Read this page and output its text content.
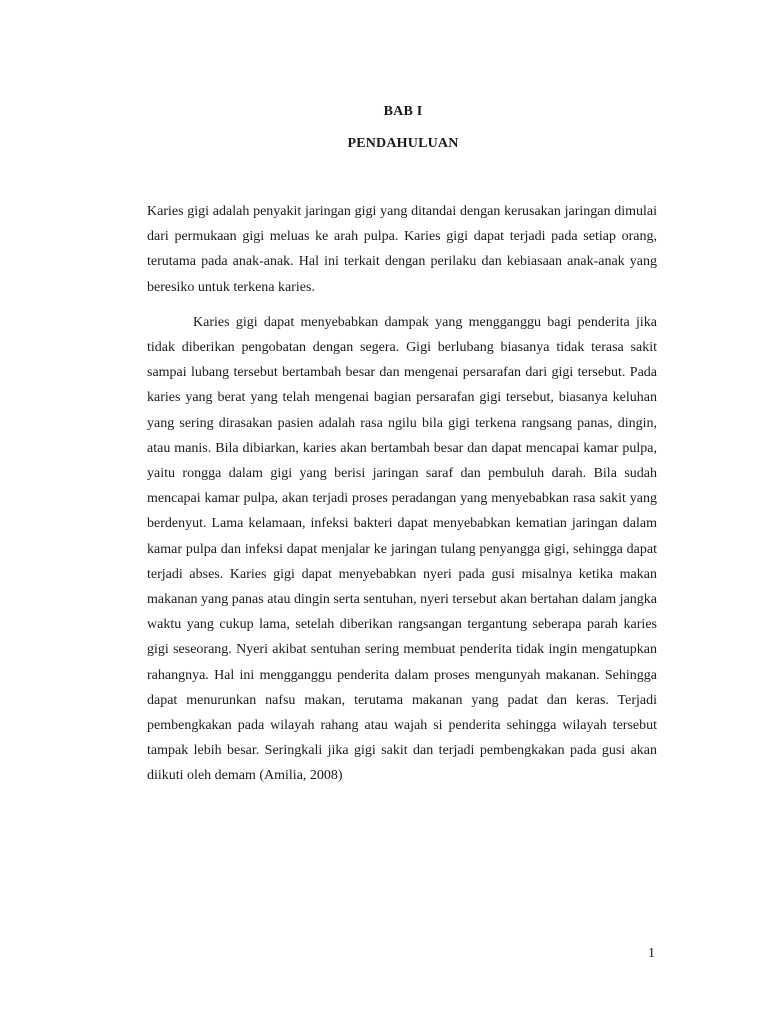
BAB I
PENDAHULUAN

Karies gigi adalah penyakit jaringan gigi yang ditandai dengan kerusakan jaringan dimulai dari permukaan gigi meluas ke arah pulpa. Karies gigi dapat terjadi pada setiap orang, terutama pada anak-anak. Hal ini terkait dengan perilaku dan kebiasaan anak-anak yang beresiko untuk terkena karies.

Karies gigi dapat menyebabkan dampak yang mengganggu bagi penderita jika tidak diberikan pengobatan dengan segera. Gigi berlubang biasanya tidak terasa sakit sampai lubang tersebut bertambah besar dan mengenai persarafan dari gigi tersebut. Pada karies yang berat yang telah mengenai bagian persarafan gigi tersebut, biasanya keluhan yang sering dirasakan pasien adalah rasa ngilu bila gigi terkena rangsang panas, dingin, atau manis. Bila dibiarkan, karies akan bertambah besar dan dapat mencapai kamar pulpa, yaitu rongga dalam gigi yang berisi jaringan saraf dan pembuluh darah. Bila sudah mencapai kamar pulpa, akan terjadi proses peradangan yang menyebabkan rasa sakit yang berdenyut. Lama kelamaan, infeksi bakteri dapat menyebabkan kematian jaringan dalam kamar pulpa dan infeksi dapat menjalar ke jaringan tulang penyangga gigi, sehingga dapat terjadi abses. Karies gigi dapat menyebabkan nyeri pada gusi misalnya ketika makan makanan yang panas atau dingin serta sentuhan, nyeri tersebut akan bertahan dalam jangka waktu yang cukup lama, setelah diberikan rangsangan tergantung seberapa parah karies gigi seseorang. Nyeri akibat sentuhan sering membuat penderita tidak ingin mengatupkan rahangnya. Hal ini mengganggu penderita dalam proses mengunyah makanan. Sehingga dapat menurunkan nafsu makan, terutama makanan yang padat dan keras. Terjadi pembengkakan pada wilayah rahang atau wajah si penderita sehingga wilayah tersebut tampak lebih besar. Seringkali jika gigi sakit dan terjadi pembengkakan pada gusi akan diikuti oleh demam (Amilia, 2008)

1
